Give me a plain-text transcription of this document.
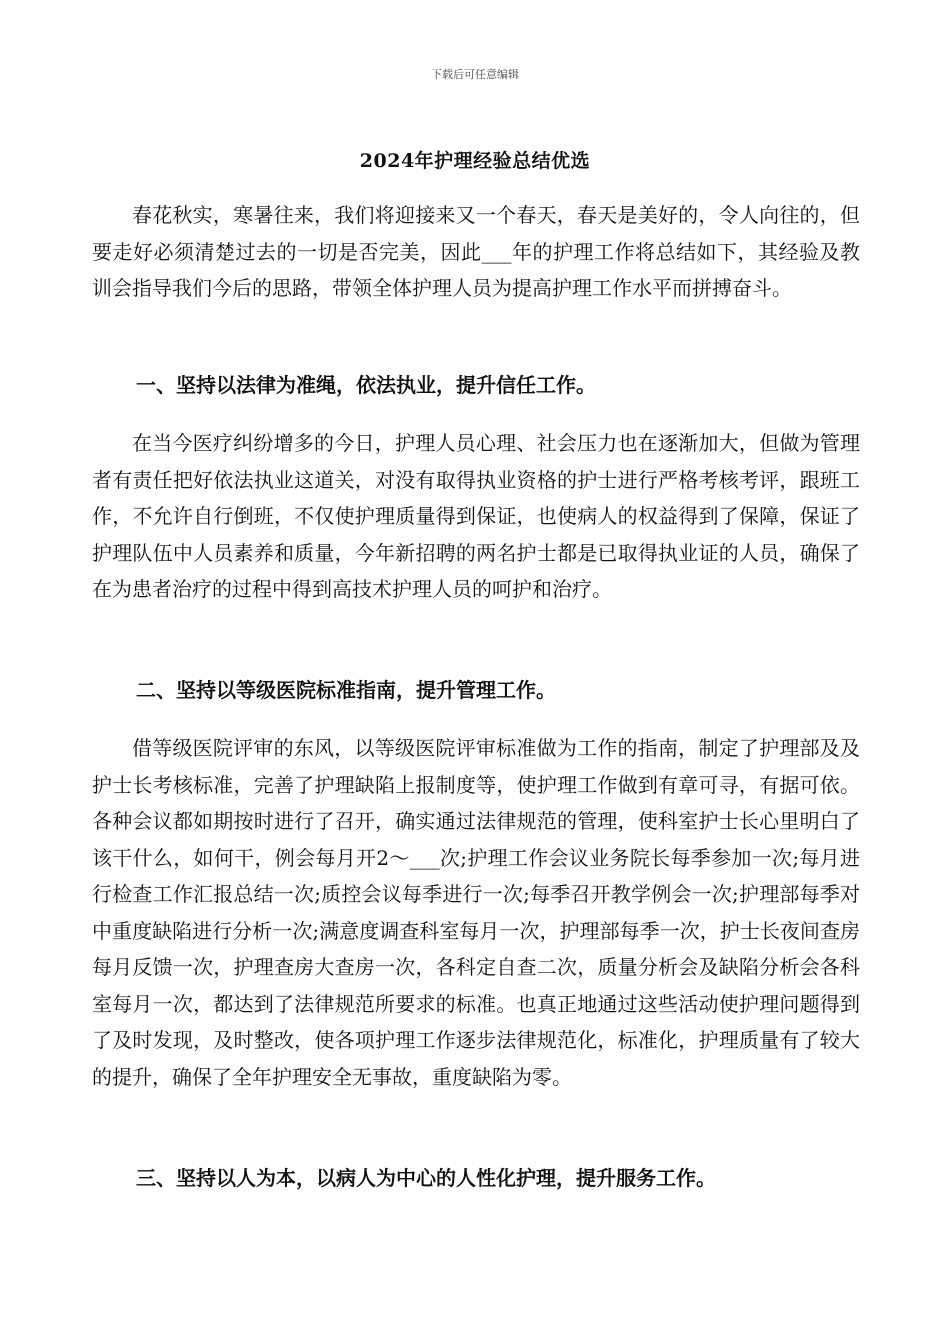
下载后可任意编辑
2024年护理经验总结优选

春花秋实，寒暑往来，我们将迎接来又一个春天，春天是美好的，令人向往的，但要走好必须清楚过去的一切是否完美，因此___年的护理工作将总结如下，其经验及教训会指导我们今后的思路，带领全体护理人员为提高护理工作水平而拼搏奋斗。

一、坚持以法律为准绳，依法执业，提升信任工作。

在当今医疗纠纷增多的今日，护理人员心理、社会压力也在逐渐加大，但做为管理者有责任把好依法执业这道关，对没有取得执业资格的护士进行严格考核考评，跟班工作，不允许自行倒班，不仅使护理质量得到保证，也使病人的权益得到了保障，保证了护理队伍中人员素养和质量，今年新招聘的两名护士都是已取得执业证的人员，确保了在为患者治疗的过程中得到高技术护理人员的呵护和治疗。

二、坚持以等级医院标准指南，提升管理工作。

借等级医院评审的东风，以等级医院评审标准做为工作的指南，制定了护理部及及护士长考核标准，完善了护理缺陷上报制度等，使护理工作做到有章可寻，有据可依。各种会议都如期按时进行了召开，确实通过法律规范的管理，使科室护士长心里明白了该干什么，如何干，例会每月开2～___次;护理工作会议业务院长每季参加一次;每月进行检查工作汇报总结一次;质控会议每季进行一次;每季召开教学例会一次;护理部每季对中重度缺陷进行分析一次;满意度调查科室每月一次，护理部每季一次，护士长夜间查房每月反馈一次，护理查房大查房一次，各科定自查二次，质量分析会及缺陷分析会各科室每月一次，都达到了法律规范所要求的标准。也真正地通过这些活动使护理问题得到了及时发现，及时整改，使各项护理工作逐步法律规范化，标准化，护理质量有了较大的提升，确保了全年护理安全无事故，重度缺陷为零。

三、坚持以人为本，以病人为中心的人性化护理，提升服务工作。
